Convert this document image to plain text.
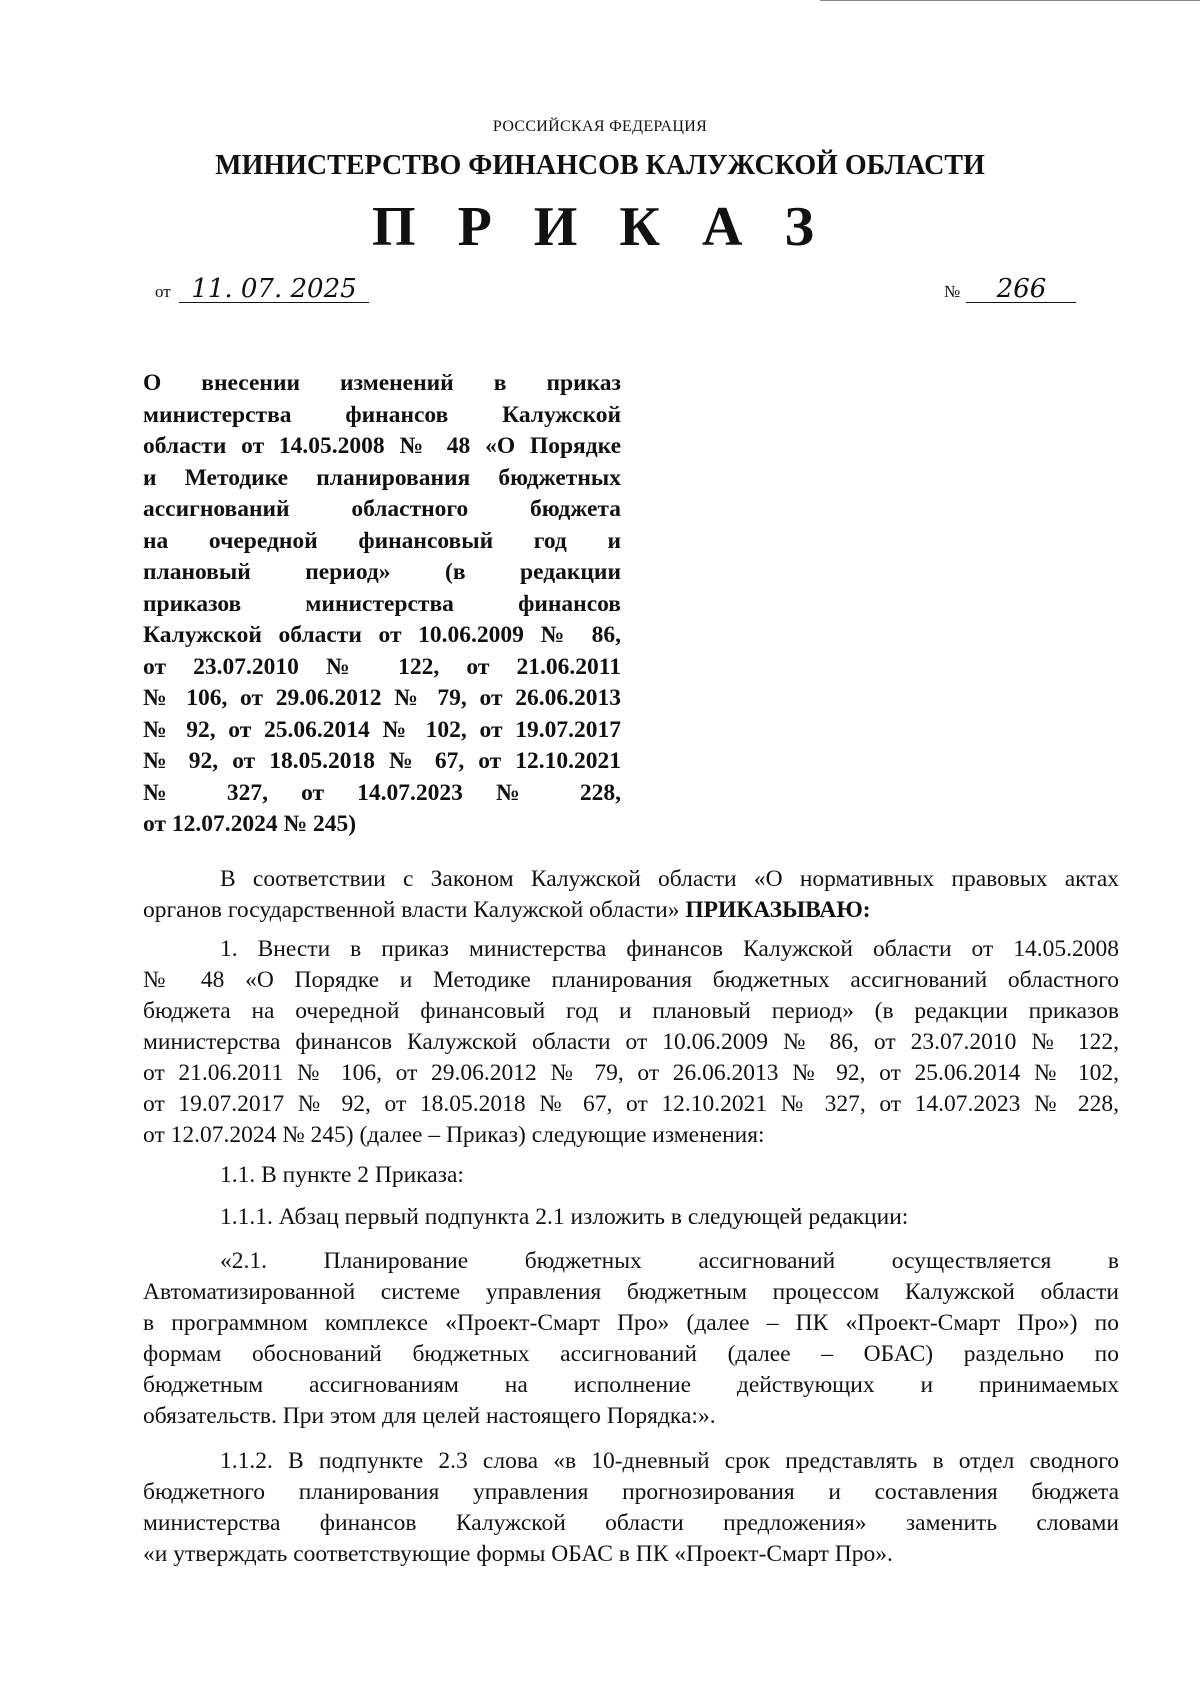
РОССИЙСКАЯ ФЕДЕРАЦИЯ
МИНИСТЕРСТВО ФИНАНСОВ КАЛУЖСКОЙ ОБЛАСТИ
П Р И К А З
от 11. 07. 2025	№ 266
О внесении изменений в приказ
министерства финансов Калужской
области от 14.05.2008 № 48 «О Порядке
и Методике планирования бюджетных
ассигнований областного бюджета
на очередной финансовый год и
плановый период» (в редакции
приказов министерства финансов
Калужской области от 10.06.2009 № 86,
от 23.07.2010 № 122, от 21.06.2011
№ 106, от 29.06.2012 № 79, от 26.06.2013
№ 92, от 25.06.2014 № 102, от 19.07.2017
№ 92, от 18.05.2018 № 67, от 12.10.2021
№ 327, от 14.07.2023 № 228,
от 12.07.2024 № 245)
В соответствии с Законом Калужской области «О нормативных правовых актах
органов государственной власти Калужской области» ПРИКАЗЫВАЮ:
1. Внести в приказ министерства финансов Калужской области от 14.05.2008
№ 48 «О Порядке и Методике планирования бюджетных ассигнований областного
бюджета на очередной финансовый год и плановый период» (в редакции приказов
министерства финансов Калужской области от 10.06.2009 № 86, от 23.07.2010 № 122,
от 21.06.2011 № 106, от 29.06.2012 № 79, от 26.06.2013 № 92, от 25.06.2014 № 102,
от 19.07.2017 № 92, от 18.05.2018 № 67, от 12.10.2021 № 327, от 14.07.2023 № 228,
от 12.07.2024 № 245) (далее – Приказ) следующие изменения:
1.1. В пункте 2 Приказа:
1.1.1. Абзац первый подпункта 2.1 изложить в следующей редакции:
«2.1. Планирование бюджетных ассигнований осуществляется в
Автоматизированной системе управления бюджетным процессом Калужской области
в программном комплексе «Проект-Смарт Про» (далее – ПК «Проект-Смарт Про») по
формам обоснований бюджетных ассигнований (далее – ОБАС) раздельно по
бюджетным ассигнованиям на исполнение действующих и принимаемых
обязательств. При этом для целей настоящего Порядка:».
1.1.2. В подпункте 2.3 слова «в 10-дневный срок представлять в отдел сводного
бюджетного планирования управления прогнозирования и составления бюджета
министерства финансов Калужской области предложения» заменить словами
«и утверждать соответствующие формы ОБАС в ПК «Проект-Смарт Про».
